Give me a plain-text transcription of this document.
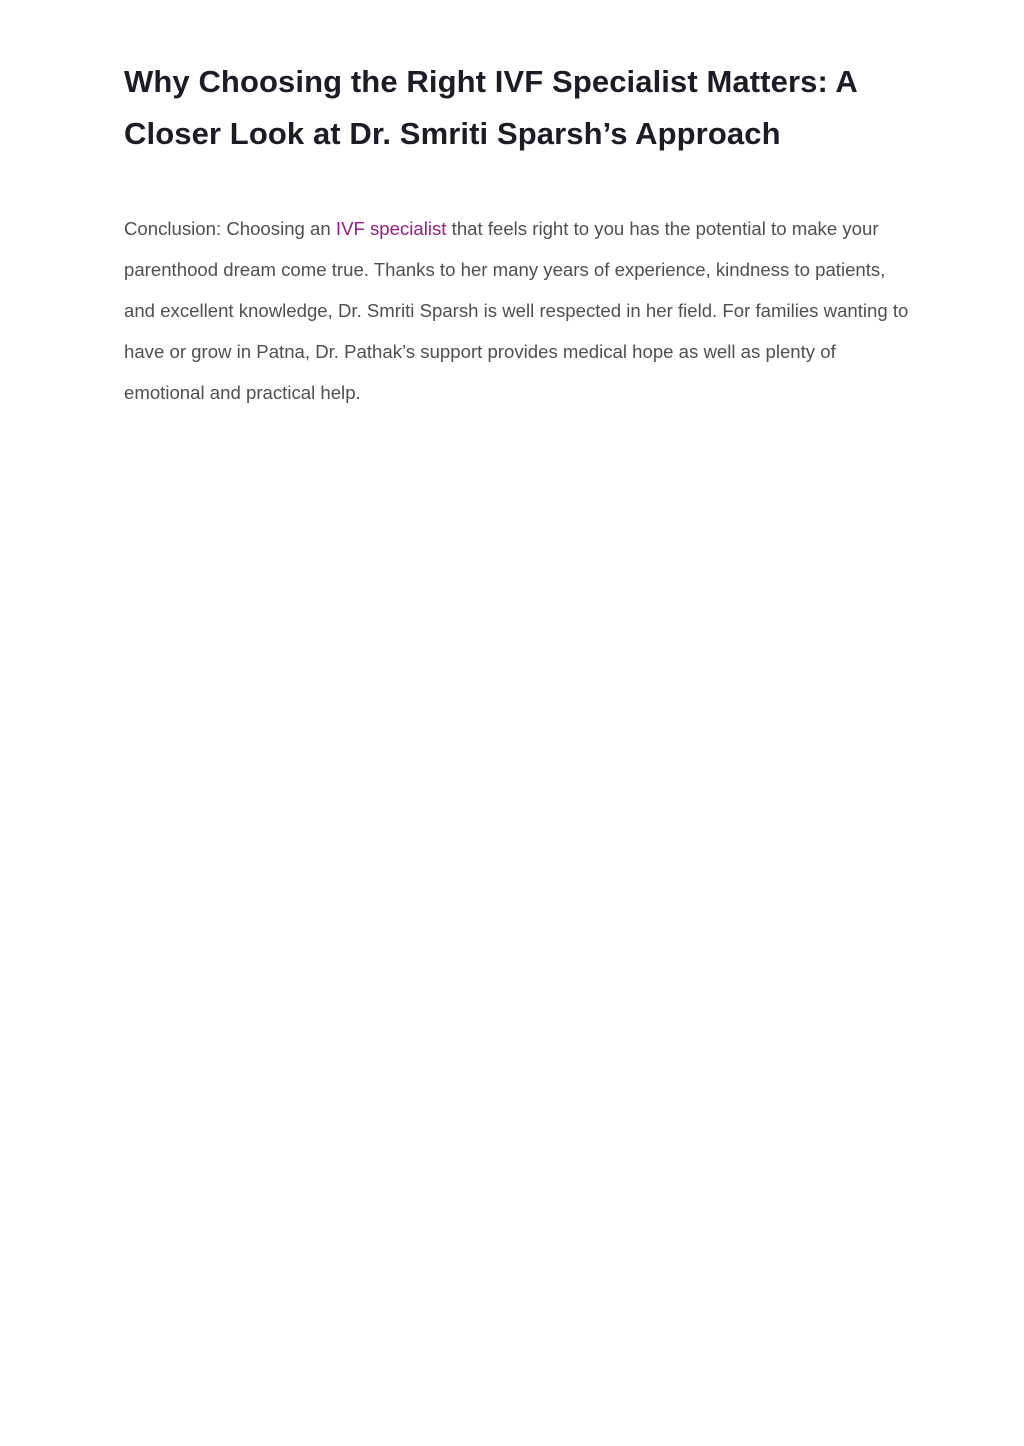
Why Choosing the Right IVF Specialist Matters: A Closer Look at Dr. Smriti Sparsh’s Approach

Conclusion: Choosing an IVF specialist that feels right to you has the potential to make your parenthood dream come true. Thanks to her many years of experience, kindness to patients, and excellent knowledge, Dr. Smriti Sparsh is well respected in her field. For families wanting to have or grow in Patna, Dr. Pathak’s support provides medical hope as well as plenty of emotional and practical help.
